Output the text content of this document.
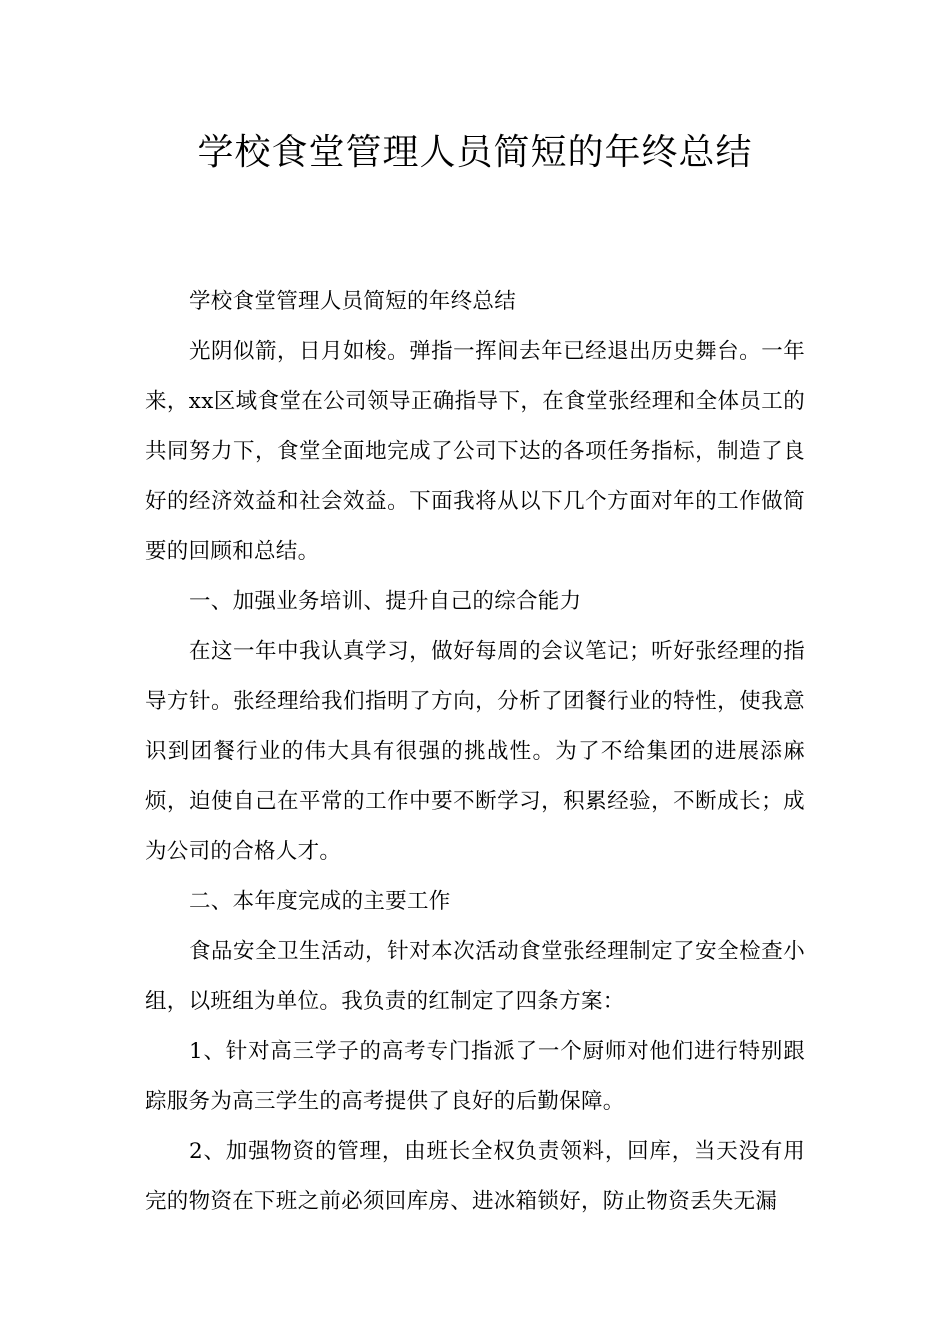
学校食堂管理人员简短的年终总结

学校食堂管理人员简短的年终总结

光阴似箭，日月如梭。弹指一挥间去年已经退出历史舞台。一年来，xx区域食堂在公司领导正确指导下，在食堂张经理和全体员工的共同努力下，食堂全面地完成了公司下达的各项任务指标，制造了良好的经济效益和社会效益。下面我将从以下几个方面对年的工作做简要的回顾和总结。

一、加强业务培训、提升自己的综合能力

在这一年中我认真学习，做好每周的会议笔记；听好张经理的指导方针。张经理给我们指明了方向，分析了团餐行业的特性，使我意识到团餐行业的伟大具有很强的挑战性。为了不给集团的进展添麻烦，迫使自己在平常的工作中要不断学习，积累经验，不断成长；成为公司的合格人才。

二、本年度完成的主要工作

食品安全卫生活动，针对本次活动食堂张经理制定了安全检查小组，以班组为单位。我负责的红制定了四条方案：

1、针对高三学子的高考专门指派了一个厨师对他们进行特别跟踪服务为高三学生的高考提供了良好的后勤保障。

2、加强物资的管理，由班长全权负责领料，回库，当天没有用完的物资在下班之前必须回库房、进冰箱锁好，防止物资丢失无漏
